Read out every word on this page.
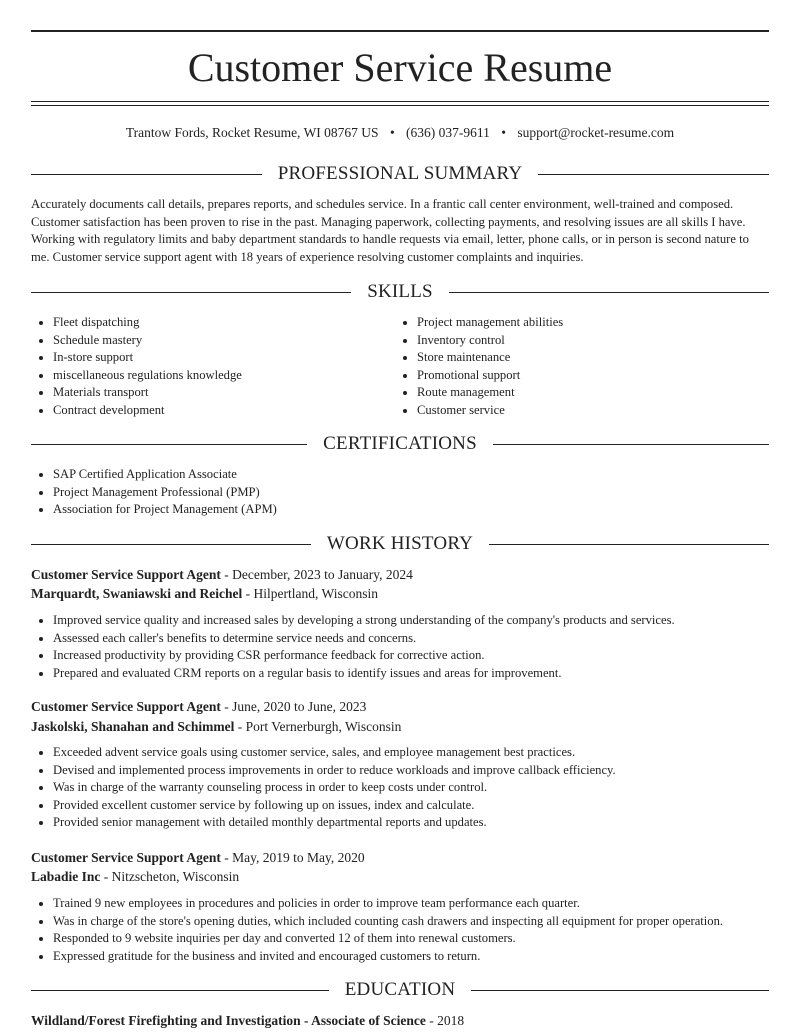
Customer Service Resume
Trantow Fords, Rocket Resume, WI 08767 US • (636) 037-9611 • support@rocket-resume.com
PROFESSIONAL SUMMARY

Accurately documents call details, prepares reports, and schedules service. In a frantic call center environment, well-trained and composed. Customer satisfaction has been proven to rise in the past. Managing paperwork, collecting payments, and resolving issues are all skills I have. Working with regulatory limits and baby department standards to handle requests via email, letter, phone calls, or in person is second nature to me. Customer service support agent with 18 years of experience resolving customer complaints and inquiries.

SKILLS
• Fleet dispatching
• Schedule mastery
• In-store support
• miscellaneous regulations knowledge
• Materials transport
• Contract development
• Project management abilities
• Inventory control
• Store maintenance
• Promotional support
• Route management
• Customer service
CERTIFICATIONS
• SAP Certified Application Associate
• Project Management Professional (PMP)
• Association for Project Management (APM)
WORK HISTORY
Customer Service Support Agent - December, 2023 to January, 2024
Marquardt, Swaniawski and Reichel - Hilpertland, Wisconsin
• Improved service quality and increased sales by developing a strong understanding of the company's products and services.
• Assessed each caller's benefits to determine service needs and concerns.
• Increased productivity by providing CSR performance feedback for corrective action.
• Prepared and evaluated CRM reports on a regular basis to identify issues and areas for improvement.
Customer Service Support Agent - June, 2020 to June, 2023
Jaskolski, Shanahan and Schimmel - Port Vernerburgh, Wisconsin
• Exceeded advent service goals using customer service, sales, and employee management best practices.
• Devised and implemented process improvements in order to reduce workloads and improve callback efficiency.
• Was in charge of the warranty counseling process in order to keep costs under control.
• Provided excellent customer service by following up on issues, index and calculate.
• Provided senior management with detailed monthly departmental reports and updates.
Customer Service Support Agent - May, 2019 to May, 2020
Labadie Inc - Nitzscheton, Wisconsin
• Trained 9 new employees in procedures and policies in order to improve team performance each quarter.
• Was in charge of the store's opening duties, which included counting cash drawers and inspecting all equipment for proper operation.
• Responded to 9 website inquiries per day and converted 12 of them into renewal customers.
• Expressed gratitude for the business and invited and encouraged customers to return.
EDUCATION
Wildland/Forest Firefighting and Investigation - Associate of Science - 2018
